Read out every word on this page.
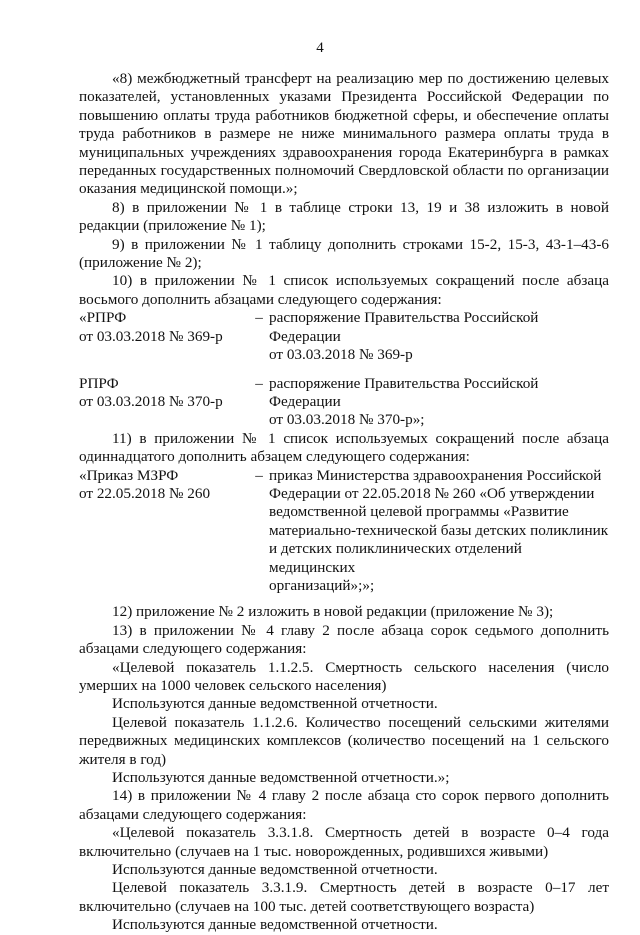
4

«8) межбюджетный трансферт на реализацию мер по достижению целевых показателей, установленных указами Президента Российской Федерации по повышению оплаты труда работников бюджетной сферы, и обеспечение оплаты труда работников в размере не ниже минимального размера оплаты труда в муниципальных учреждениях здравоохранения города Екатеринбурга в рамках переданных государственных полномочий Свердловской области по организации оказания медицинской помощи.»;

8) в приложении № 1 в таблице строки 13, 19 и 38 изложить в новой редакции (приложение № 1);

9) в приложении № 1 таблицу дополнить строками 15-2, 15-3, 43-1–43-6 (приложение № 2);

10) в приложении № 1 список используемых сокращений после абзаца восьмого дополнить абзацами следующего содержания:

«РПРФ
от 03.03.2018 № 369-р
– распоряжение Правительства Российской Федерации
от 03.03.2018 № 369-р
РПРФ
от 03.03.2018 № 370-р
– распоряжение Правительства Российской Федерации
от 03.03.2018 № 370-р»;

11) в приложении № 1 список используемых сокращений после абзаца одиннадцатого дополнить абзацем следующего содержания:

«Приказ МЗРФ
от 22.05.2018 № 260
– приказ Министерства здравоохранения Российской
Федерации от 22.05.2018 № 260 «Об утверждении
ведомственной целевой программы «Развитие
материально-технической базы детских поликлиник
и детских поликлинических отделений медицинских
организаций»;»;

12) приложение № 2 изложить в новой редакции (приложение № 3);

13) в приложении № 4 главу 2 после абзаца сорок седьмого дополнить абзацами следующего содержания:

«Целевой показатель 1.1.2.5. Смертность сельского населения (число умерших на 1000 человек сельского населения)

Используются данные ведомственной отчетности.

Целевой показатель 1.1.2.6. Количество посещений сельскими жителями передвижных медицинских комплексов (количество посещений на 1 сельского жителя в год)

Используются данные ведомственной отчетности.»;

14) в приложении № 4 главу 2 после абзаца сто сорок первого дополнить абзацами следующего содержания:

«Целевой показатель 3.3.1.8. Смертность детей в возрасте 0–4 года включительно (случаев на 1 тыс. новорожденных, родившихся живыми)

Используются данные ведомственной отчетности.

Целевой показатель 3.3.1.9. Смертность детей в возрасте 0–17 лет включительно (случаев на 100 тыс. детей соответствующего возраста)

Используются данные ведомственной отчетности.
